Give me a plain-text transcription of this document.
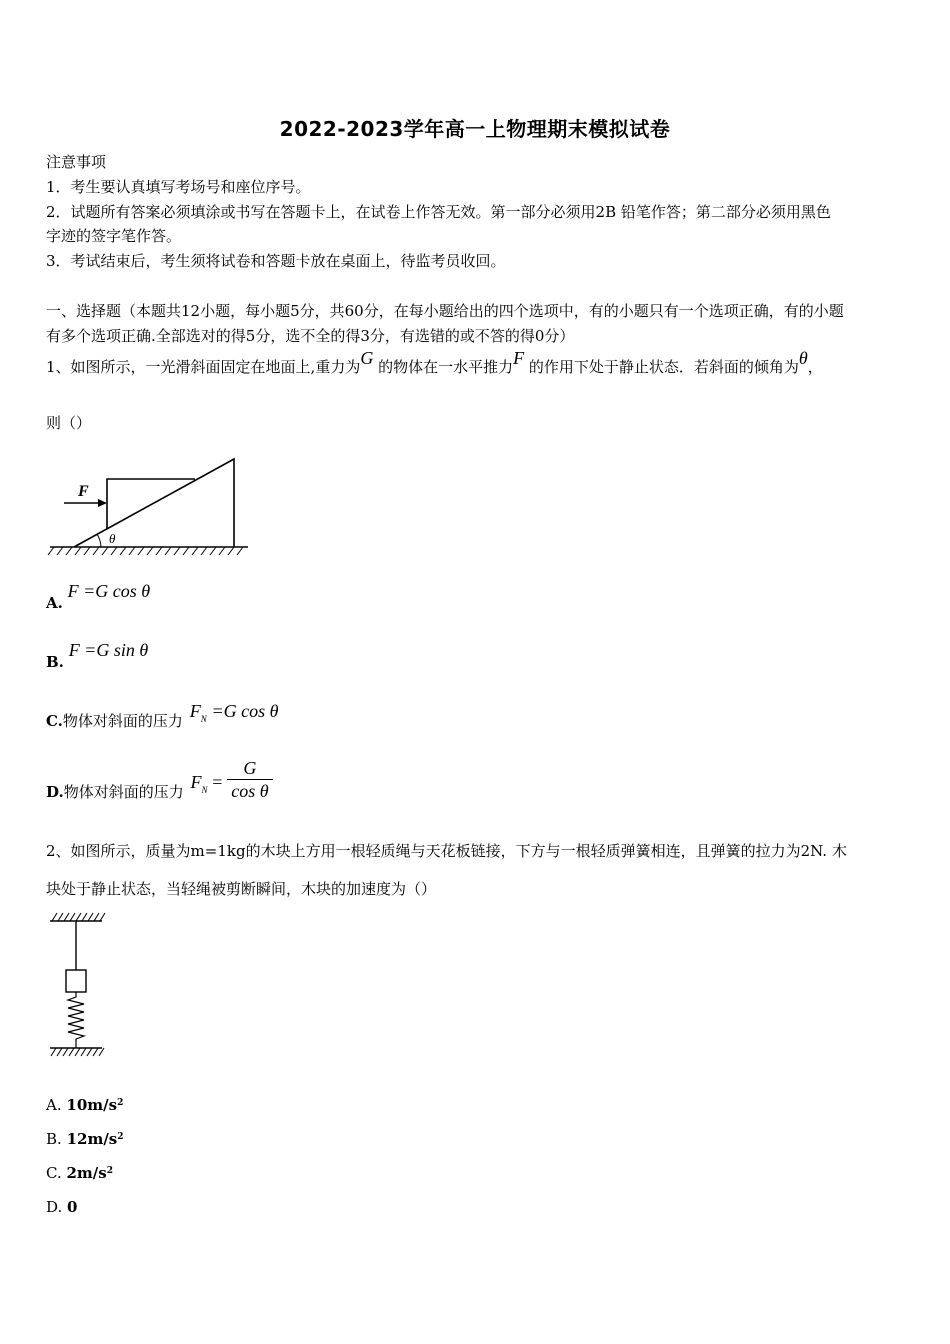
2022-2023学年高一上物理期末模拟试卷
注意事项
1．考生要认真填写考场号和座位序号。
2．试题所有答案必须填涂或书写在答题卡上，在试卷上作答无效。第一部分必须用2B 铅笔作答；第二部分必须用黑色
字迹的签字笔作答。
3．考试结束后，考生须将试卷和答题卡放在桌面上，待监考员收回。
一、选择题（本题共12小题，每小题5分，共60分，在每小题给出的四个选项中，有的小题只有一个选项正确，有的小题
有多个选项正确.全部选对的得5分，选不全的得3分，有选错的或不答的得0分）
1、如图所示，一光滑斜面固定在地面上,重力为G 的物体在一水平推力F 的作用下处于静止状态．若斜面的倾角为θ，
则（）
F
θ
A. F =G cos θ
B. F =G sin θ
C.物体对斜面的压力 $F_N =G$ cos θ
D.物体对斜面的压力 $F_N = \frac{G}{\text{cos θ}}$
2、如图所示，质量为m=1kg的木块上方用一根轻质绳与天花板链接，下方与一根轻质弹簧相连，且弹簧的拉力为2N. 木
块处于静止状态，当轻绳被剪断瞬间，木块的加速度为（）
A. $10m/s^2$
B. $12m/s^2$
C. $2m/s^2$
D. 0
